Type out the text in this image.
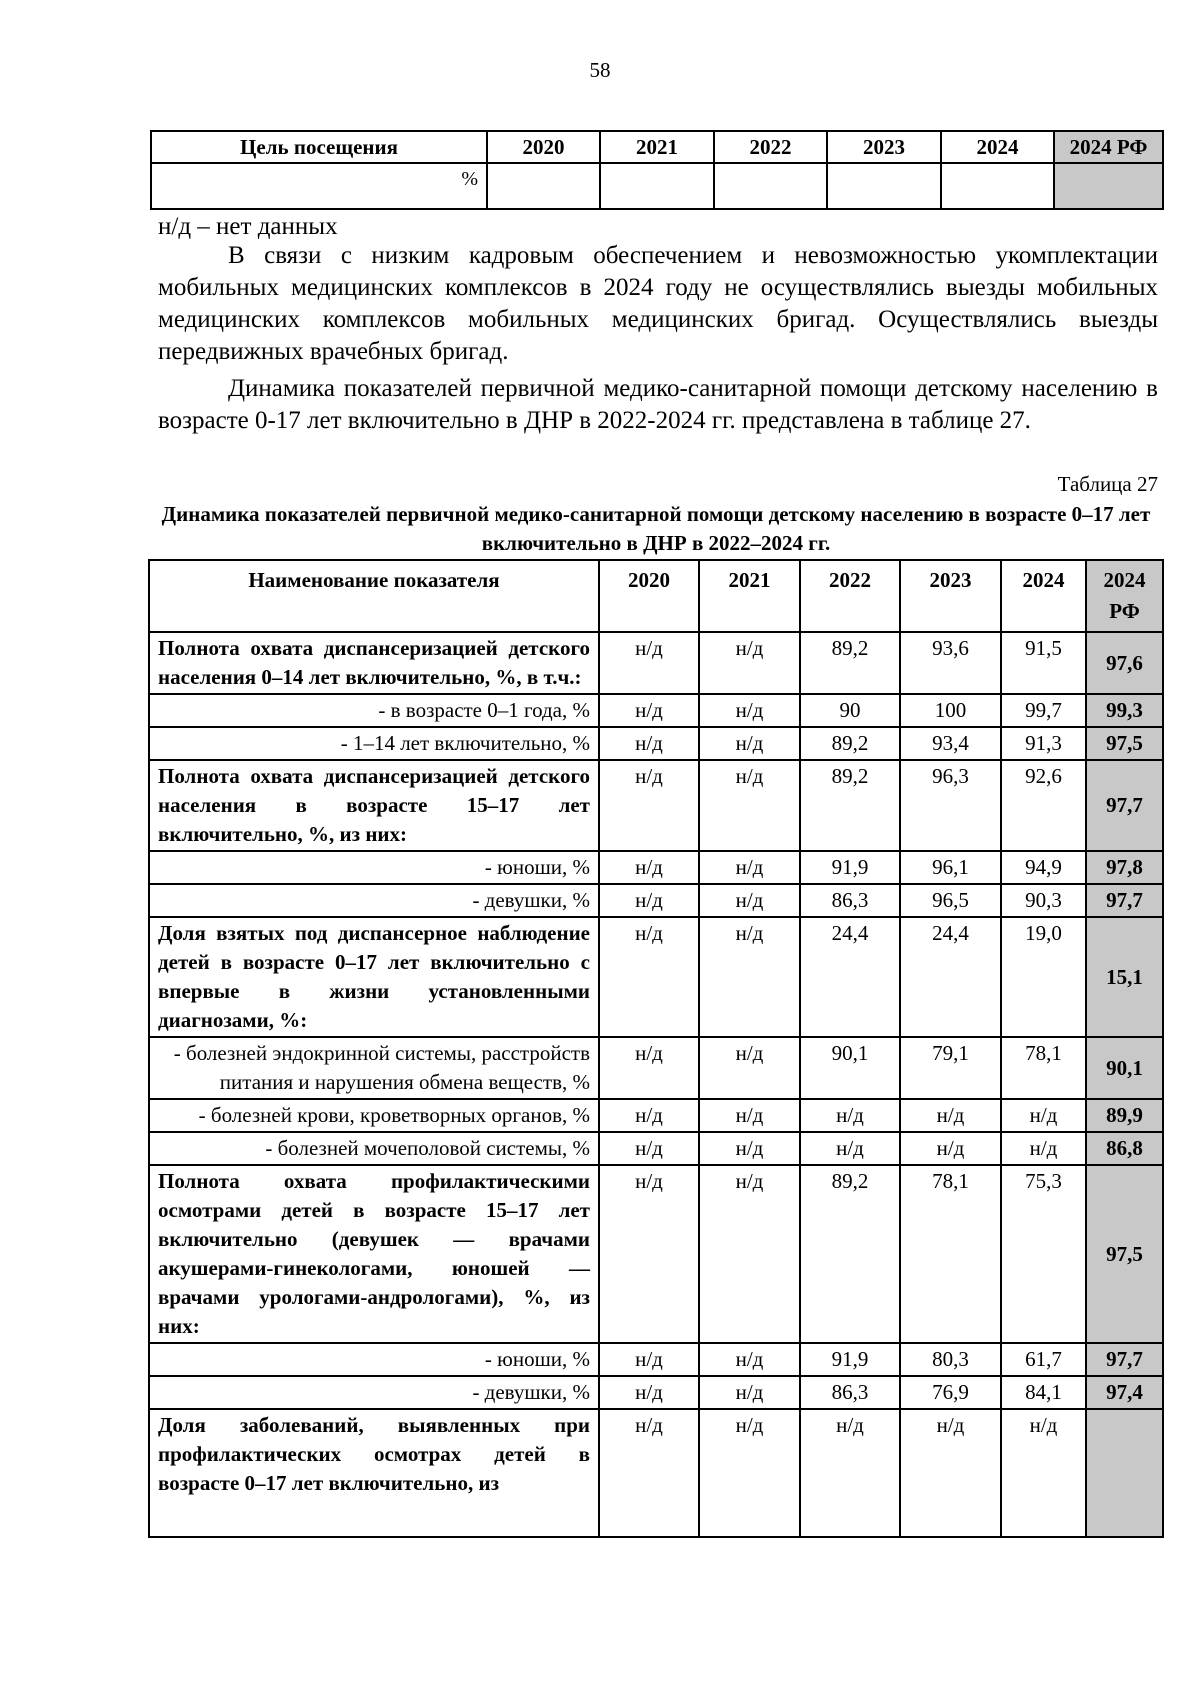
58
Цель посещения	2020	2021	2022	2023	2024	2024 РФ
%						
н/д – нет данных

В связи с низким кадровым обеспечением и невозможностью укомплектации мобильных медицинских комплексов в 2024 году не осуществлялись выезды мобильных медицинских комплексов мобильных медицинских бригад. Осуществлялись выезды передвижных врачебных бригад.

Динамика показателей первичной медико-санитарной помощи детскому населению в возрасте 0-17 лет включительно в ДНР в 2022-2024 гг. представлена в таблице 27.

Таблица 27
Динамика показателей первичной медико-санитарной помощи детскому населению в возрасте 0–17 лет включительно в ДНР в 2022–2024 гг.
Наименование показателя	2020	2021	2022	2023	2024	2024 РФ
Полнота охвата диспансеризацией детского населения 0–14 лет включительно, %, в т.ч.:	н/д	н/д	89,2	93,6	91,5	97,6
- в возрасте 0–1 года, %	н/д	н/д	90	100	99,7	99,3
- 1–14 лет включительно, %	н/д	н/д	89,2	93,4	91,3	97,5
Полнота охвата диспансеризацией детского населения в возрасте 15–17 лет включительно, %, из них:	н/д	н/д	89,2	96,3	92,6	97,7
- юноши, %	н/д	н/д	91,9	96,1	94,9	97,8
- девушки, %	н/д	н/д	86,3	96,5	90,3	97,7
Доля взятых под диспансерное наблюдение детей в возрасте 0–17 лет включительно с впервые в жизни установленными диагнозами, %:	н/д	н/д	24,4	24,4	19,0	15,1
- болезней эндокринной системы, расстройств питания и нарушения обмена веществ, %	н/д	н/д	90,1	79,1	78,1	90,1
- болезней крови, кроветворных органов, %	н/д	н/д	н/д	н/д	н/д	89,9
- болезней мочеполовой системы, %	н/д	н/д	н/д	н/д	н/д	86,8
Полнота охвата профилактическими осмотрами детей в возрасте 15–17 лет включительно (девушек — врачами акушерами-гинекологами, юношей — врачами урологами-андрологами), %, из них:	н/д	н/д	89,2	78,1	75,3	97,5
- юноши, %	н/д	н/д	91,9	80,3	61,7	97,7
- девушки, %	н/д	н/д	86,3	76,9	84,1	97,4
Доля заболеваний, выявленных при профилактических осмотрах детей в возрасте 0–17 лет включительно, из	н/д	н/д	н/д	н/д	н/д	
